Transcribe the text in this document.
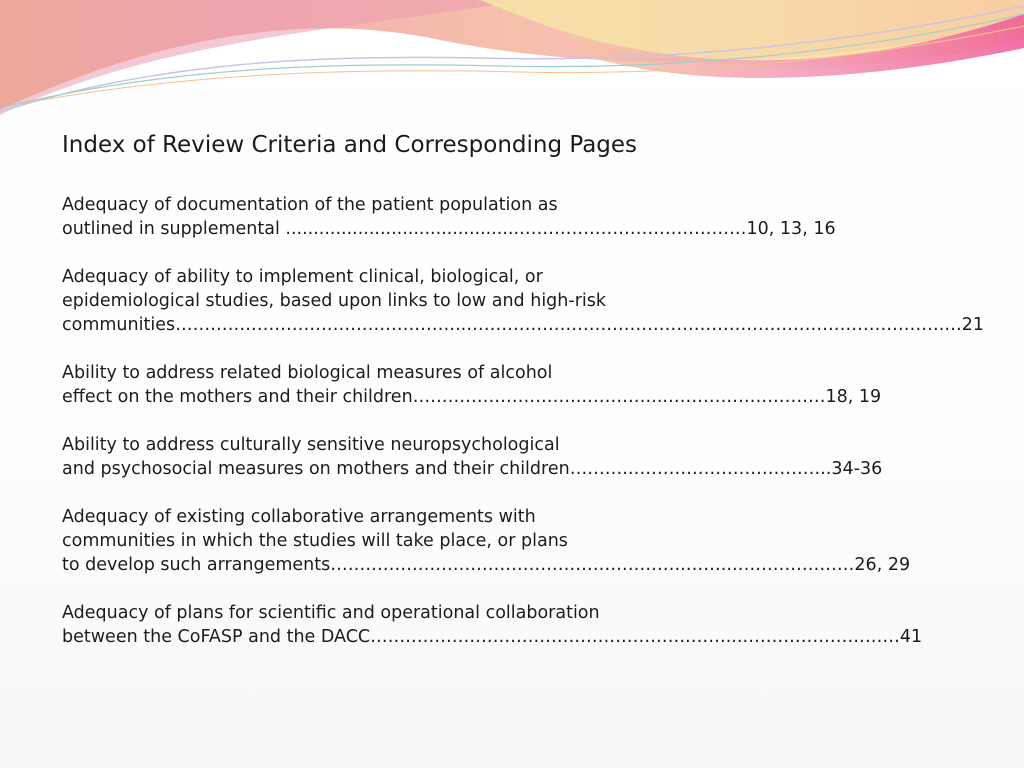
Index of Review Criteria and Corresponding Pages
Adequacy of documentation of the patient population as
outlined in supplemental ..........................................…………………………………10, 13, 16
Adequacy of ability to implement clinical, biological, or
epidemiological studies, based upon links to low and high-risk
communities…………………………………………..……………………………………………………………………….…21
Ability to address related biological measures of alcohol
effect on the mothers and their children………………………..…………...………………………18, 19
Ability to address culturally sensitive neuropsychological
and psychosocial measures on mothers and their children……….……………………………..34-36
Adequacy of existing collaborative arrangements with
communities in which the studies will take place, or plans
to develop such arrangements…………………………………………………….……..…………………26, 29
Adequacy of plans for scientific and operational collaboration
between the CoFASP and the DACC……………………………………………….……...………………………41
